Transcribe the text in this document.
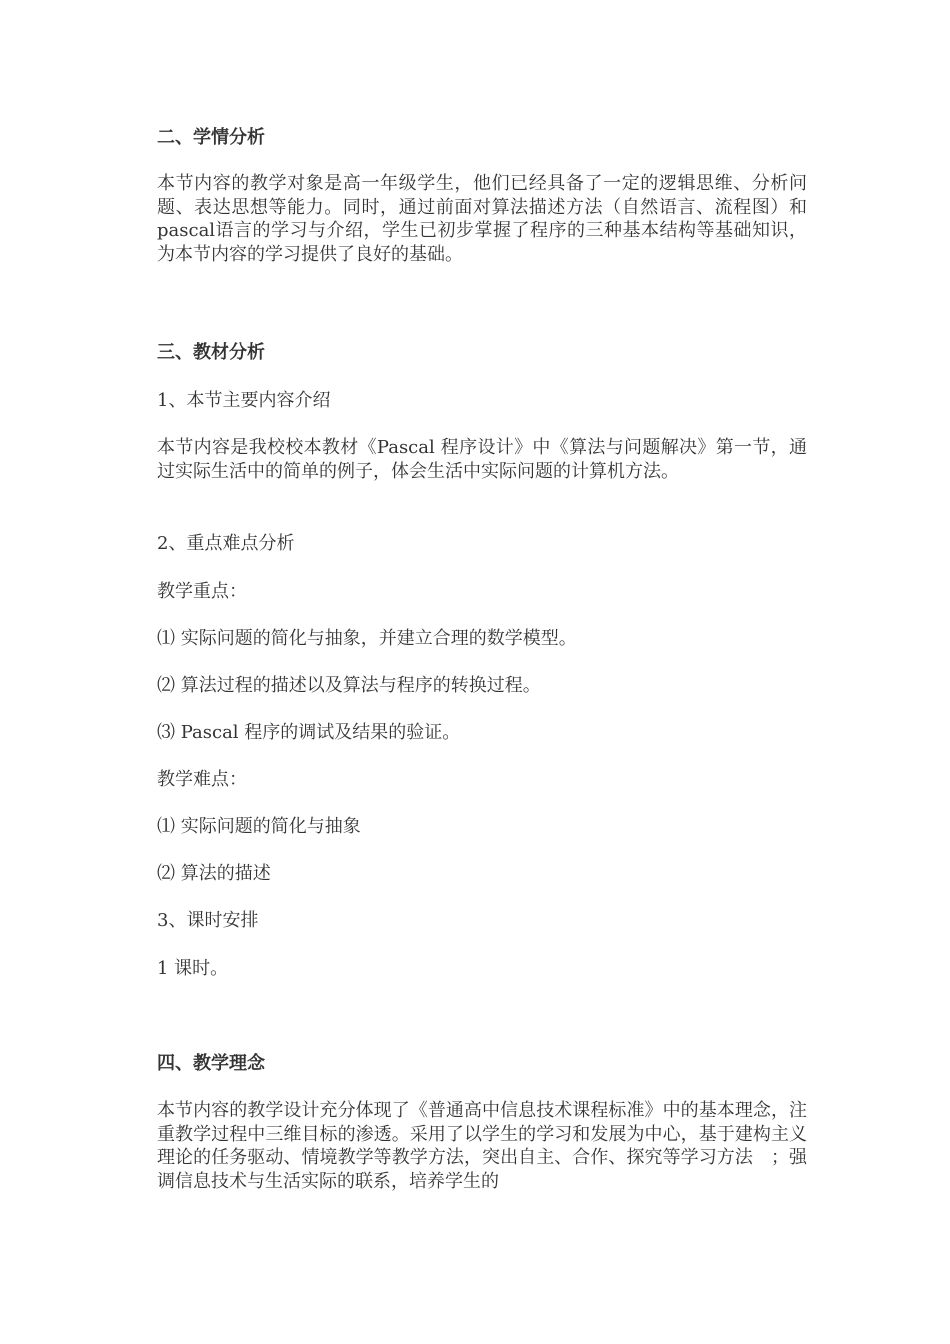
二、学情分析

本节内容的教学对象是高一年级学生，他们已经具备了一定的逻辑思维、分析问题、表达思想等能力。同时，通过前面对算法描述方法（自然语言、流程图）和pascal语言的学习与介绍，学生已初步掌握了程序的三种基本结构等基础知识，为本节内容的学习提供了良好的基础。

三、教材分析

1、本节主要内容介绍

本节内容是我校校本教材《Pascal 程序设计》中《算法与问题解决》第一节，通过实际生活中的简单的例子，体会生活中实际问题的计算机方法。

2、重点难点分析

教学重点：

⑴ 实际问题的简化与抽象，并建立合理的数学模型。

⑵ 算法过程的描述以及算法与程序的转换过程。

⑶ Pascal 程序的调试及结果的验证。

教学难点：

⑴ 实际问题的简化与抽象

⑵ 算法的描述

3、课时安排

1 课时。

四、教学理念

本节内容的教学设计充分体现了《普通高中信息技术课程标准》中的基本理念，注重教学过程中三维目标的渗透。采用了以学生的学习和发展为中心，基于建构主义理论的任务驱动、情境教学等教学方法，突出自主、合作、探究等学习方法　；强调信息技术与生活实际的联系，培养学生的
